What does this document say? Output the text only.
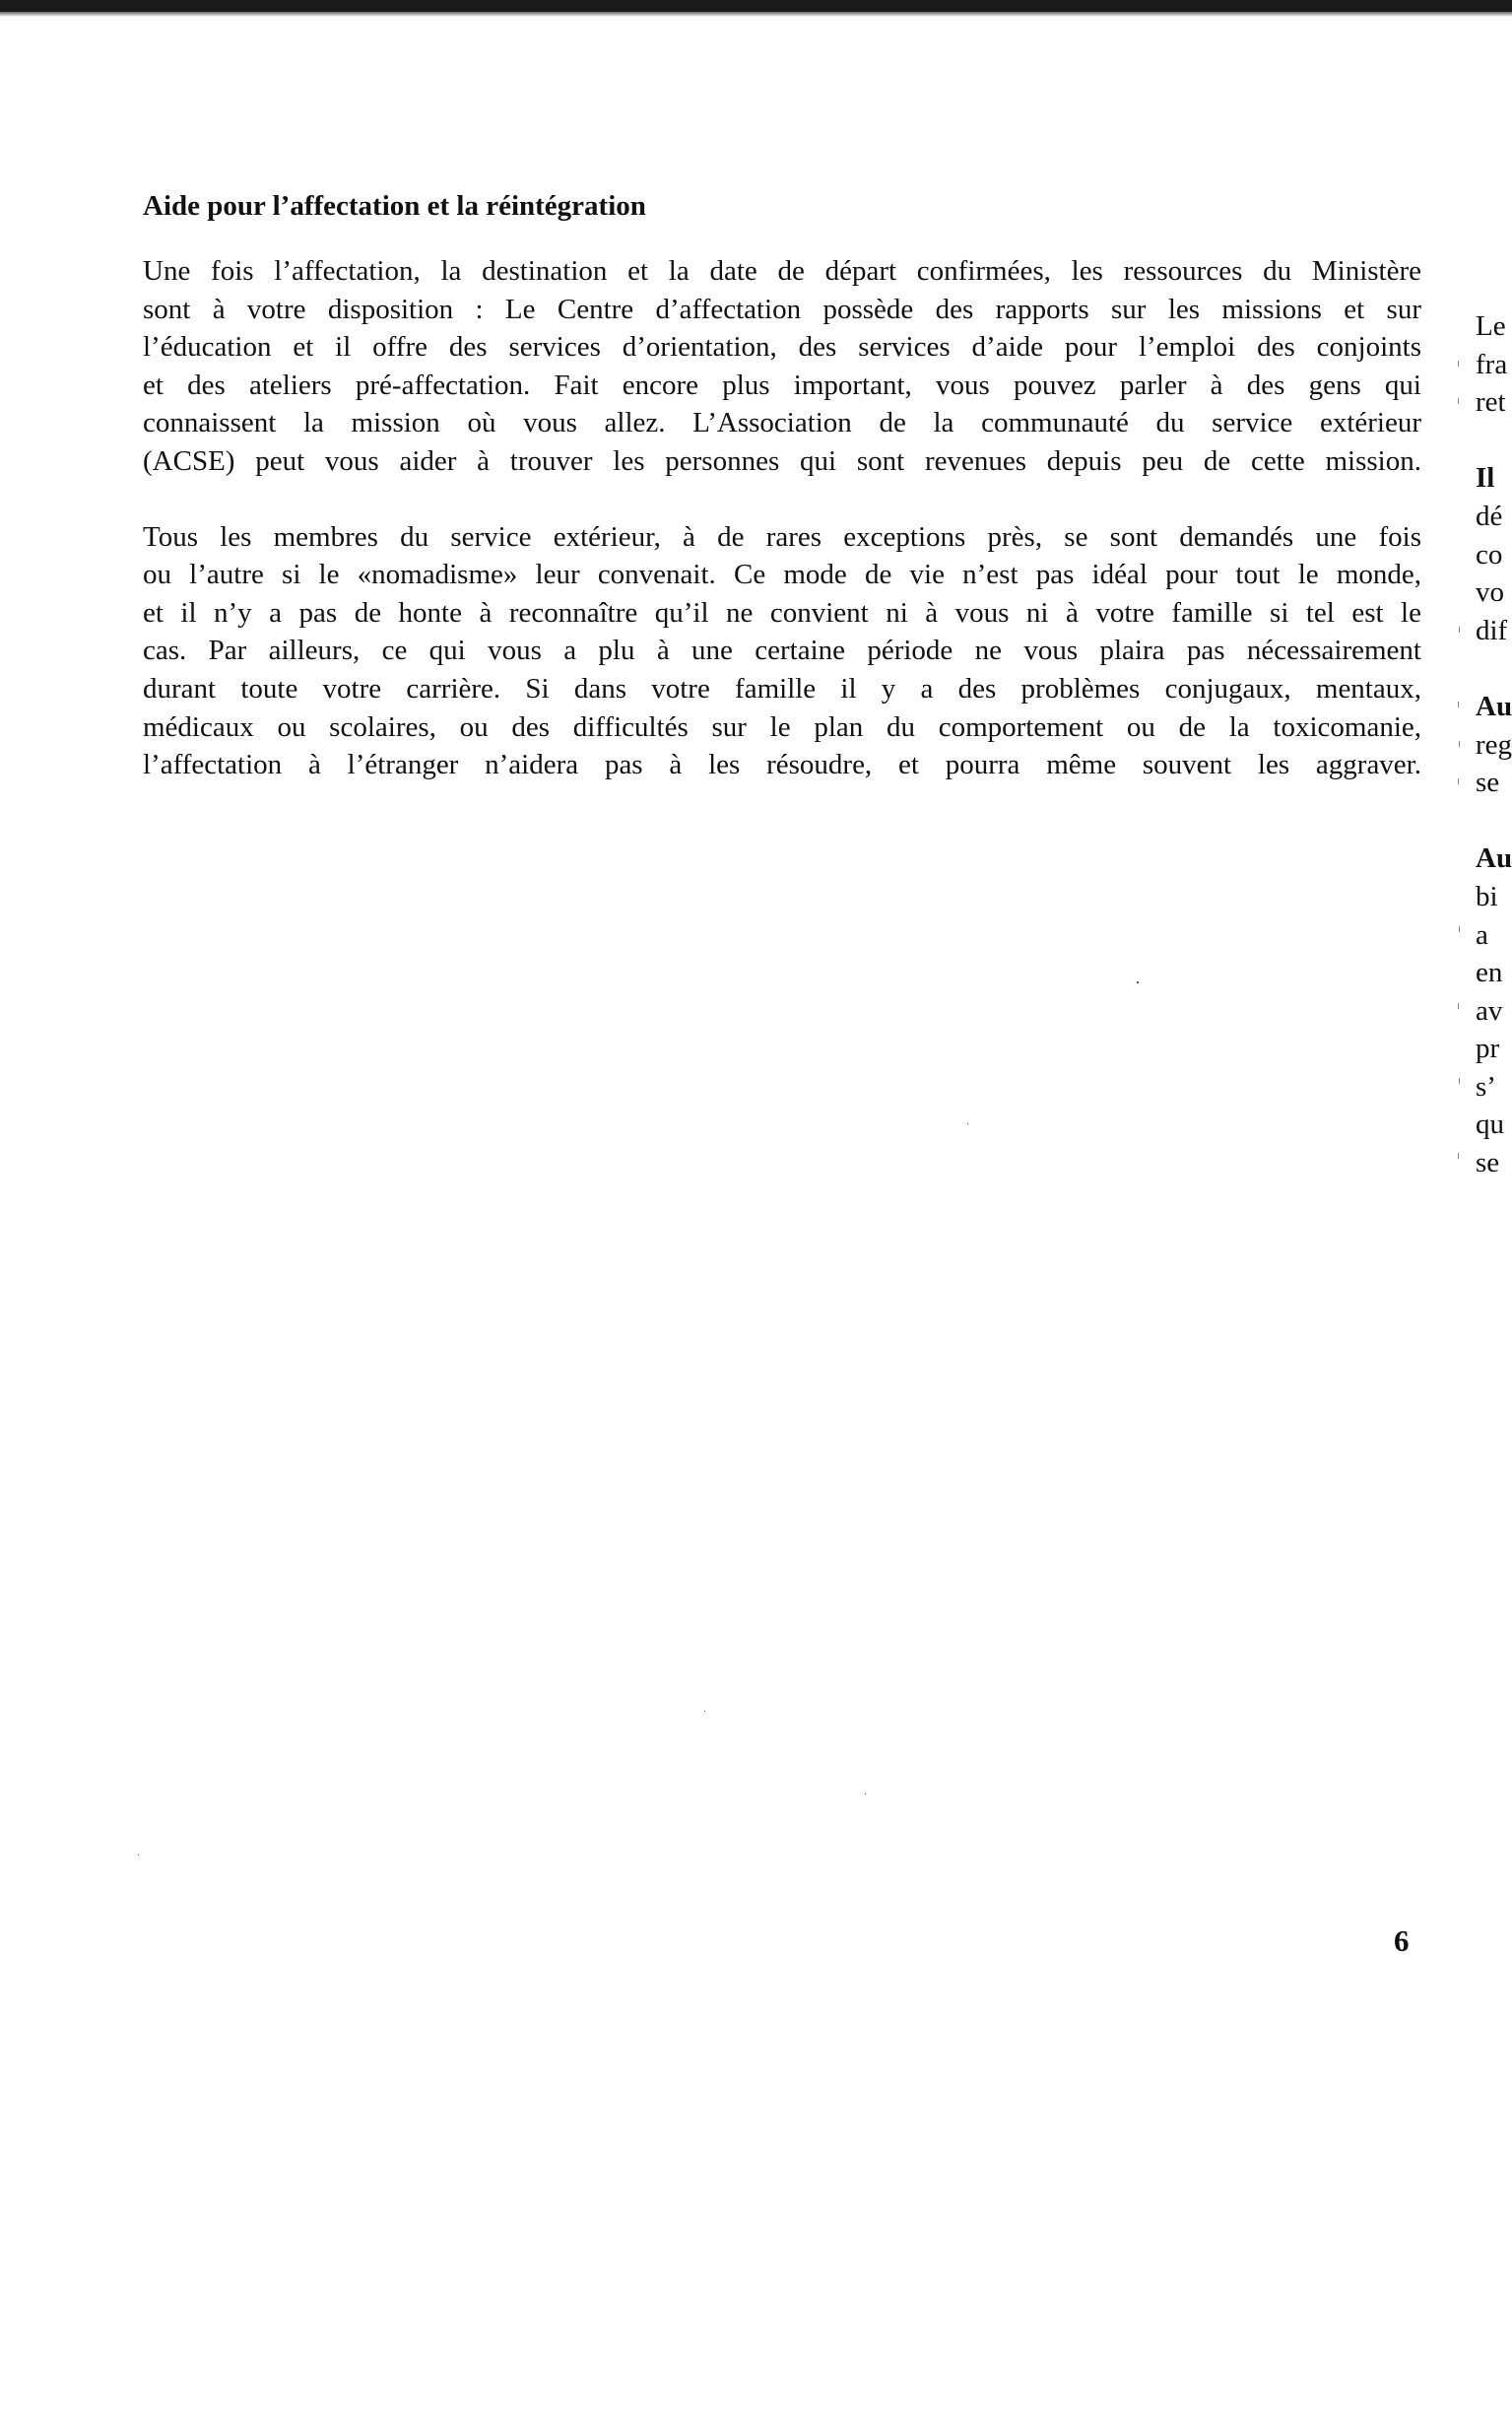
Aide pour l’affectation et la réintégration
Une fois l’affectation, la destination et la date de départ confirmées, les ressources du Ministère
sont à votre disposition : Le Centre d’affectation possède des rapports sur les missions et sur
l’éducation et il offre des services d’orientation, des services d’aide pour l’emploi des conjoints
et des ateliers pré-affectation. Fait encore plus important, vous pouvez parler à des gens qui
connaissent la mission où vous allez. L’Association de la communauté du service extérieur
(ACSE) peut vous aider à trouver les personnes qui sont revenues depuis peu de cette mission.
Tous les membres du service extérieur, à de rares exceptions près, se sont demandés une fois
ou l’autre si le «nomadisme» leur convenait. Ce mode de vie n’est pas idéal pour tout le monde,
et il n’y a pas de honte à reconnaître qu’il ne convient ni à vous ni à votre famille si tel est le
cas. Par ailleurs, ce qui vous a plu à une certaine période ne vous plaira pas nécessairement
durant toute votre carrière. Si dans votre famille il y a des problèmes conjugaux, mentaux,
médicaux ou scolaires, ou des difficultés sur le plan du comportement ou de la toxicomanie,
l’affectation à l’étranger n’aidera pas à les résoudre, et pourra même souvent les aggraver.
Le
fra
ret
Il
dé
co
vo
dif
Au
reg
se
Au
bi
a
en
av
pr
s’
qu
se
6
